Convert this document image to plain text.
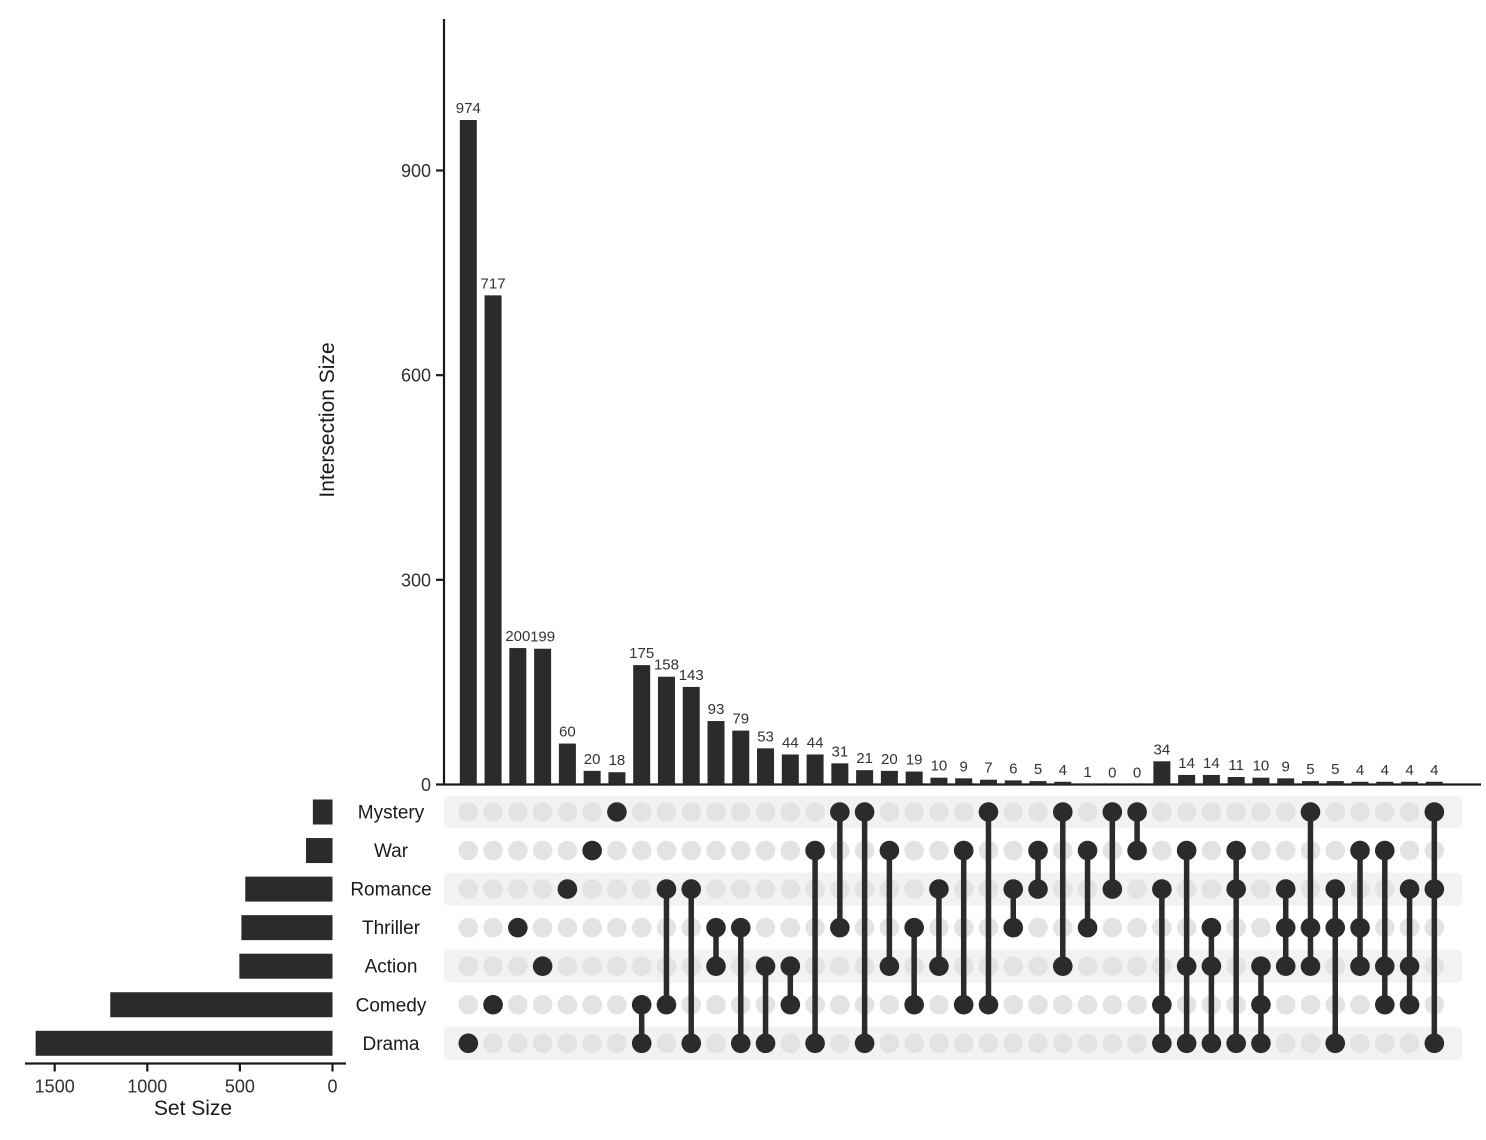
1500	1000	500	0
Mystery
War
Romance
Thriller
Action
Comedy
Drama
0
300
600
900
974
717
200 199
60
20 18
175
158
143
93
79
53 44 44
31 21 20 19 10 9 7 6 5 4 1 0 0
34
14 14 11 10 9 5 5 4 4 4 4
Intersection Size
Set Size
